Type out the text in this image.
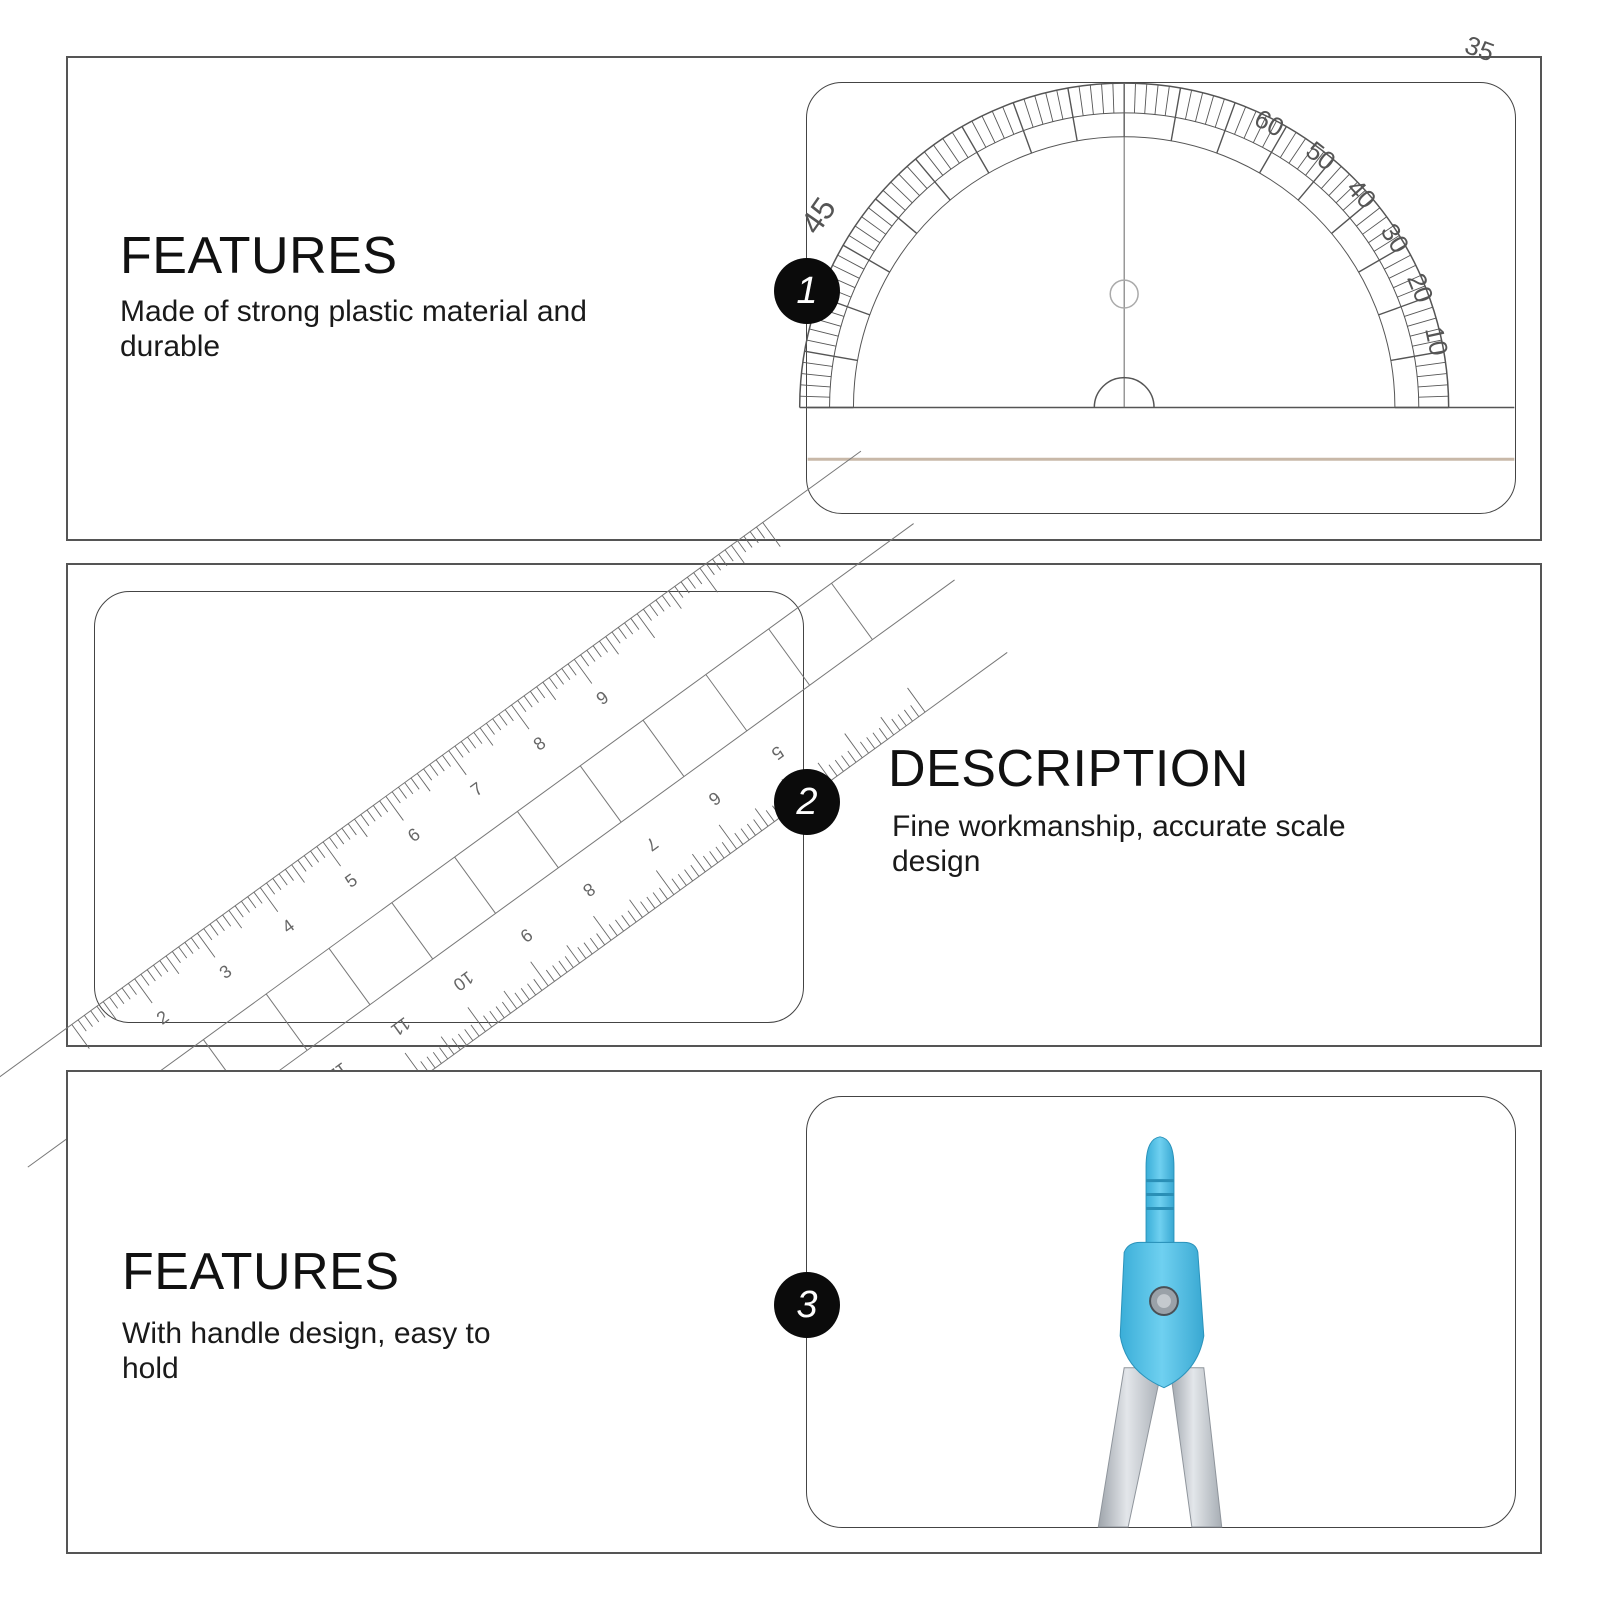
FEATURES

Made of strong plastic material and durable

1
45
60
50
40
30
20
10
35
2
3
4
5
6
7
8
9
11
10
9
8
7
6
5
2
DESCRIPTION

Fine workmanship, accurate scale design

FEATURES

With handle design, easy to hold

3
